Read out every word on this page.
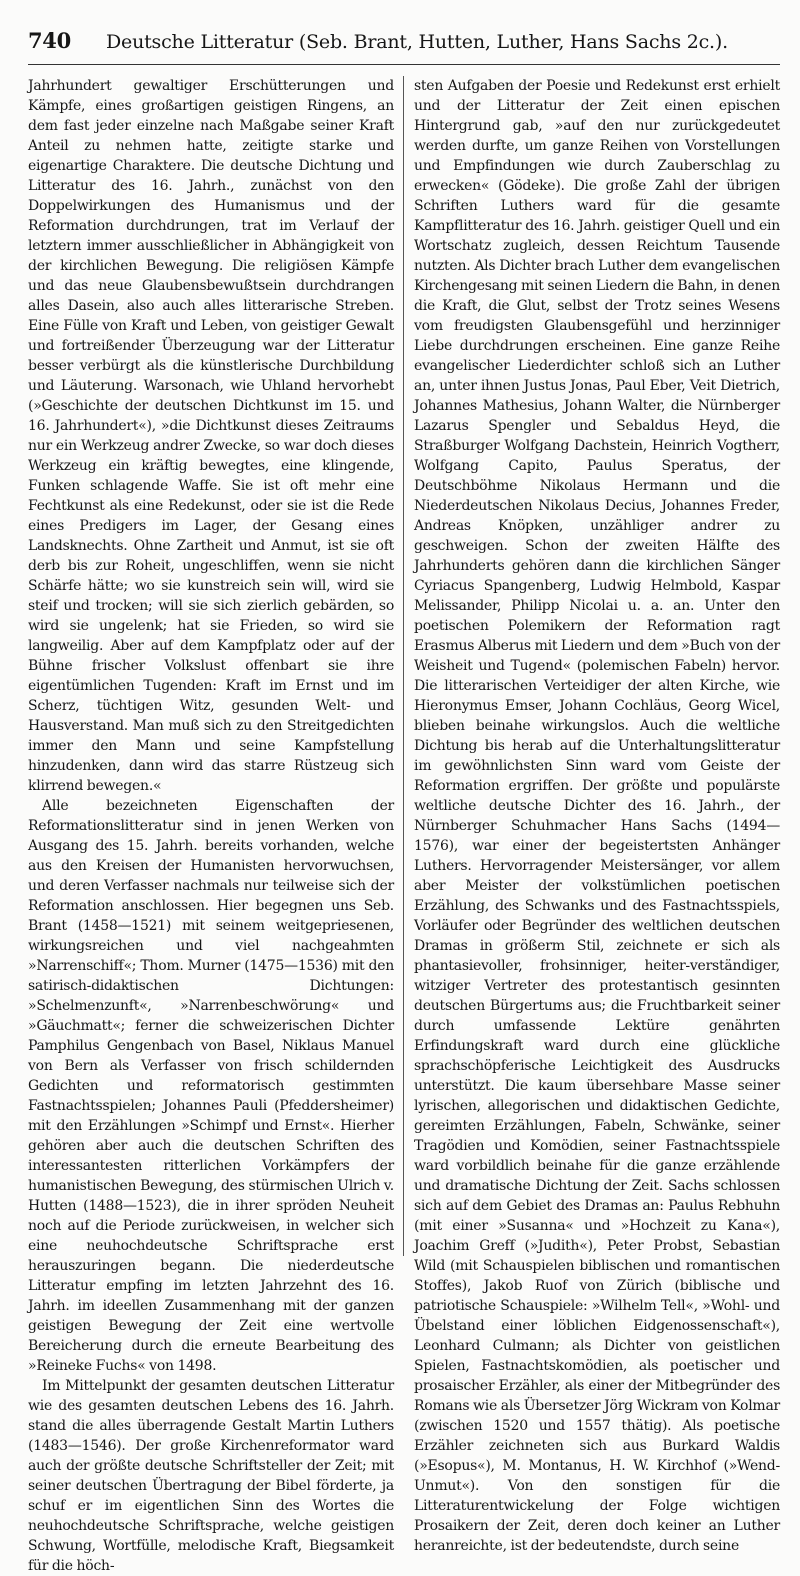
740	Deutsche Litteratur (Seb. Brant, Hutten, Luther, Hans Sachs 2c.).

Jahrhundert gewaltiger Erschütterungen und Kämpfe, eines großartigen geistigen Ringens, an dem fast jeder einzelne nach Maßgabe seiner Kraft Anteil zu nehmen hatte, zeitigte starke und eigenartige Charaktere. Die deutsche Dichtung und Litteratur des 16. Jahrh., zunächst von den Doppelwirkungen des Humanismus und der Reformation durchdrungen, trat im Verlauf der letztern immer ausschließlicher in Abhängigkeit von der kirchlichen Bewegung. Die religiösen Kämpfe und das neue Glaubensbewußtsein durchdrangen alles Dasein, also auch alles litterarische Streben. Eine Fülle von Kraft und Leben, von geistiger Gewalt und fortreißender Überzeugung war der Litteratur besser verbürgt als die künstlerische Durchbildung und Läuterung. Warsonach, wie Uhland hervorhebt (»Geschichte der deutschen Dichtkunst im 15. und 16. Jahrhundert«), »die Dichtkunst dieses Zeitraums nur ein Werkzeug andrer Zwecke, so war doch dieses Werkzeug ein kräftig bewegtes, eine klingende, Funken schlagende Waffe. Sie ist oft mehr eine Fechtkunst als eine Redekunst, oder sie ist die Rede eines Predigers im Lager, der Gesang eines Landsknechts. Ohne Zartheit und Anmut, ist sie oft derb bis zur Roheit, ungeschliffen, wenn sie nicht Schärfe hätte; wo sie kunstreich sein will, wird sie steif und trocken; will sie sich zierlich gebärden, so wird sie ungelenk; hat sie Frieden, so wird sie langweilig. Aber auf dem Kampfplatz oder auf der Bühne frischer Volkslust offenbart sie ihre eigentümlichen Tugenden: Kraft im Ernst und im Scherz, tüchtigen Witz, gesunden Welt- und Hausverstand. Man muß sich zu den Streitgedichten immer den Mann und seine Kampfstellung hinzudenken, dann wird das starre Rüstzeug sich klirrend bewegen.«

Alle bezeichneten Eigenschaften der Reformationslitteratur sind in jenen Werken von Ausgang des 15. Jahrh. bereits vorhanden, welche aus den Kreisen der Humanisten hervorwuchsen, und deren Verfasser nachmals nur teilweise sich der Reformation anschlossen. Hier begegnen uns Seb. Brant (1458—1521) mit seinem weitgepriesenen, wirkungsreichen und viel nachgeahmten »Narrenschiff«; Thom. Murner (1475—1536) mit den satirisch-didaktischen Dichtungen: »Schelmenzunft«, »Narrenbeschwörung« und »Gäuchmatt«; ferner die schweizerischen Dichter Pamphilus Gengenbach von Basel, Niklaus Manuel von Bern als Verfasser von frisch schildernden Gedichten und reformatorisch gestimmten Fastnachtsspielen; Johannes Pauli (Pfeddersheimer) mit den Erzählungen »Schimpf und Ernst«. Hierher gehören aber auch die deutschen Schriften des interessantesten ritterlichen Vorkämpfers der humanistischen Bewegung, des stürmischen Ulrich v. Hutten (1488—1523), die in ihrer spröden Neuheit noch auf die Periode zurückweisen, in welcher sich eine neuhochdeutsche Schriftsprache erst herauszuringen begann. Die niederdeutsche Litteratur empfing im letzten Jahrzehnt des 16. Jahrh. im ideellen Zusammenhang mit der ganzen geistigen Bewegung der Zeit eine wertvolle Bereicherung durch die erneute Bearbeitung des »Reineke Fuchs« von 1498.

Im Mittelpunkt der gesamten deutschen Litteratur wie des gesamten deutschen Lebens des 16. Jahrh. stand die alles überragende Gestalt Martin Luthers (1483—1546). Der große Kirchenreformator ward auch der größte deutsche Schriftsteller der Zeit; mit seiner deutschen Übertragung der Bibel förderte, ja schuf er im eigentlichen Sinn des Wortes die neuhochdeutsche Schriftsprache, welche geistigen Schwung, Wortfülle, melodische Kraft, Biegsamkeit für die höch-

sten Aufgaben der Poesie und Redekunst erst erhielt und der Litteratur der Zeit einen epischen Hintergrund gab, »auf den nur zurückgedeutet werden durfte, um ganze Reihen von Vorstellungen und Empfindungen wie durch Zauberschlag zu erwecken« (Gödeke). Die große Zahl der übrigen Schriften Luthers ward für die gesamte Kampflitteratur des 16. Jahrh. geistiger Quell und ein Wortschatz zugleich, dessen Reichtum Tausende nutzten. Als Dichter brach Luther dem evangelischen Kirchengesang mit seinen Liedern die Bahn, in denen die Kraft, die Glut, selbst der Trotz seines Wesens vom freudigsten Glaubensgefühl und herzinniger Liebe durchdrungen erscheinen. Eine ganze Reihe evangelischer Liederdichter schloß sich an Luther an, unter ihnen Justus Jonas, Paul Eber, Veit Dietrich, Johannes Mathesius, Johann Walter, die Nürnberger Lazarus Spengler und Sebaldus Heyd, die Straßburger Wolfgang Dachstein, Heinrich Vogtherr, Wolfgang Capito, Paulus Speratus, der Deutschböhme Nikolaus Hermann und die Niederdeutschen Nikolaus Decius, Johannes Freder, Andreas Knöpken, unzähliger andrer zu geschweigen. Schon der zweiten Hälfte des Jahrhunderts gehören dann die kirchlichen Sänger Cyriacus Spangenberg, Ludwig Helmbold, Kaspar Melissander, Philipp Nicolai u. a. an. Unter den poetischen Polemikern der Reformation ragt Erasmus Alberus mit Liedern und dem »Buch von der Weisheit und Tugend« (polemischen Fabeln) hervor. Die litterarischen Verteidiger der alten Kirche, wie Hieronymus Emser, Johann Cochläus, Georg Wicel, blieben beinahe wirkungslos. Auch die weltliche Dichtung bis herab auf die Unterhaltungslitteratur im gewöhnlichsten Sinn ward vom Geiste der Reformation ergriffen. Der größte und populärste weltliche deutsche Dichter des 16. Jahrh., der Nürnberger Schuhmacher Hans Sachs (1494—1576), war einer der begeistertsten Anhänger Luthers. Hervorragender Meistersänger, vor allem aber Meister der volkstümlichen poetischen Erzählung, des Schwanks und des Fastnachtsspiels, Vorläufer oder Begründer des weltlichen deutschen Dramas in größerm Stil, zeichnete er sich als phantasievoller, frohsinniger, heiter-verständiger, witziger Vertreter des protestantisch gesinnten deutschen Bürgertums aus; die Fruchtbarkeit seiner durch umfassende Lektüre genährten Erfindungskraft ward durch eine glückliche sprachschöpferische Leichtigkeit des Ausdrucks unterstützt. Die kaum übersehbare Masse seiner lyrischen, allegorischen und didaktischen Gedichte, gereimten Erzählungen, Fabeln, Schwänke, seiner Tragödien und Komödien, seiner Fastnachtsspiele ward vorbildlich beinahe für die ganze erzählende und dramatische Dichtung der Zeit. Sachs schlossen sich auf dem Gebiet des Dramas an: Paulus Rebhuhn (mit einer »Susanna« und »Hochzeit zu Kana«), Joachim Greff (»Judith«), Peter Probst, Sebastian Wild (mit Schauspielen biblischen und romantischen Stoffes), Jakob Ruof von Zürich (biblische und patriotische Schauspiele: »Wilhelm Tell«, »Wohl- und Übelstand einer löblichen Eidgenossenschaft«), Leonhard Culmann; als Dichter von geistlichen Spielen, Fastnachtskomödien, als poetischer und prosaischer Erzähler, als einer der Mitbegründer des Romans wie als Übersetzer Jörg Wickram von Kolmar (zwischen 1520 und 1557 thätig). Als poetische Erzähler zeichneten sich aus Burkard Waldis (»Esopus«), M. Montanus, H. W. Kirchhof (»Wend-Unmut«). Von den sonstigen für die Litteraturentwickelung der Folge wichtigen Prosaikern der Zeit, deren doch keiner an Luther heranreichte, ist der bedeutendste, durch seine
